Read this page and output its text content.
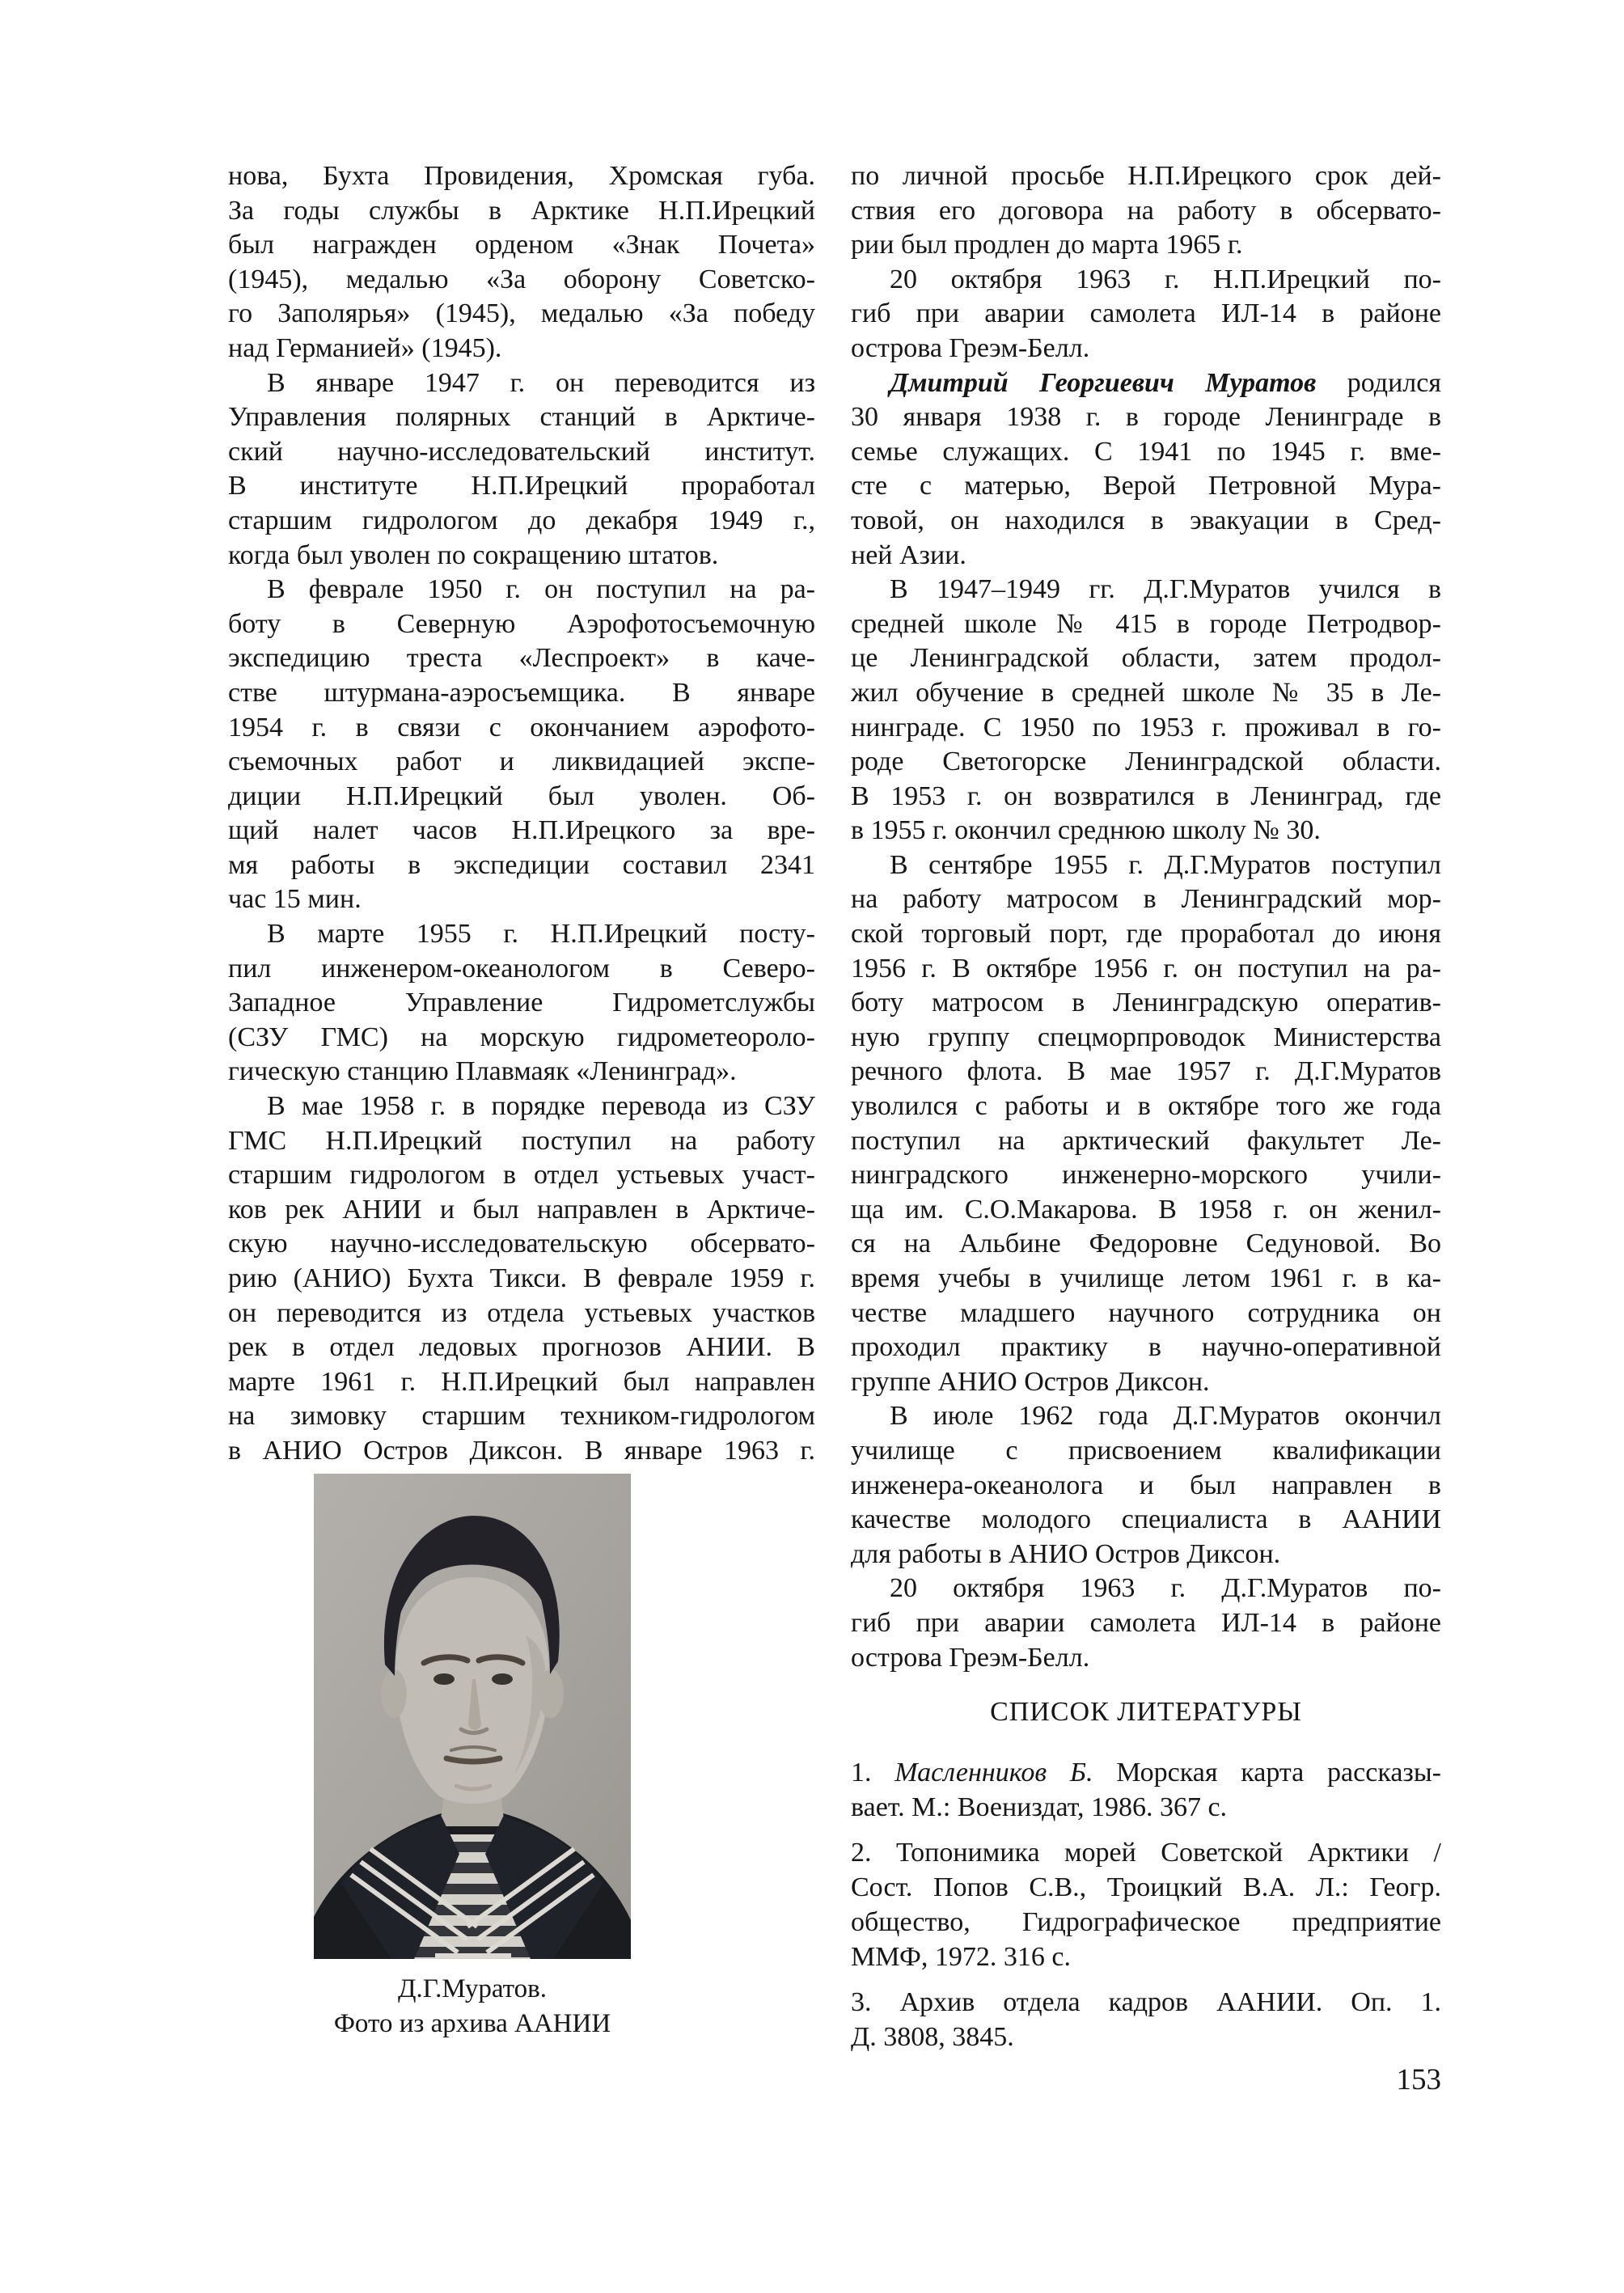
нова, Бухта Провидения, Хромская губа.
За годы службы в Арктике Н.П.Ирецкий
был награжден орденом «Знак Почета»
(1945), медалью «За оборону Советско-
го Заполярья» (1945), медалью «За победу
над Германией» (1945).
В январе 1947 г. он переводится из
Управления полярных станций в Арктиче-
ский научно-исследовательский институт.
В институте Н.П.Ирецкий проработал
старшим гидрологом до декабря 1949 г.,
когда был уволен по сокращению штатов.
В феврале 1950 г. он поступил на ра-
боту в Северную Аэрофотосъемочную
экспедицию треста «Леспроект» в каче-
стве штурмана-аэросъемщика. В январе
1954 г. в связи с окончанием аэрофото-
съемочных работ и ликвидацией экспе-
диции Н.П.Ирецкий был уволен. Об-
щий налет часов Н.П.Ирецкого за вре-
мя работы в экспедиции составил 2341
час 15 мин.
В марте 1955 г. Н.П.Ирецкий посту-
пил инженером-океанологом в Северо-
Западное Управление Гидрометслужбы
(СЗУ ГМС) на морскую гидрометеороло-
гическую станцию Плавмаяк «Ленинград».
В мае 1958 г. в порядке перевода из СЗУ
ГМС Н.П.Ирецкий поступил на работу
старшим гидрологом в отдел устьевых участ-
ков рек АНИИ и был направлен в Арктиче-
скую научно-исследовательскую обсервато-
рию (АНИО) Бухта Тикси. В феврале 1959 г.
он переводится из отдела устьевых участков
рек в отдел ледовых прогнозов АНИИ. В
марте 1961 г. Н.П.Ирецкий был направлен
на зимовку старшим техником-гидрологом
в АНИО Остров Диксон. В январе 1963 г.
по личной просьбе Н.П.Ирецкого срок дей-
ствия его договора на работу в обсервато-
рии был продлен до марта 1965 г.
20 октября 1963 г. Н.П.Ирецкий по-
гиб при аварии самолета ИЛ-14 в районе
острова Греэм-Белл.
Дмитрий Георгиевич Муратов родился
30 января 1938 г. в городе Ленинграде в
семье служащих. С 1941 по 1945 г. вме-
сте с матерью, Верой Петровной Мура-
товой, он находился в эвакуации в Сред-
ней Азии.
В 1947–1949 гг. Д.Г.Муратов учился в
средней школе № 415 в городе Петродвор-
це Ленинградской области, затем продол-
жил обучение в средней школе № 35 в Ле-
нинграде. С 1950 по 1953 г. проживал в го-
роде Светогорске Ленинградской области.
В 1953 г. он возвратился в Ленинград, где
в 1955 г. окончил среднюю школу № 30.
В сентябре 1955 г. Д.Г.Муратов поступил
на работу матросом в Ленинградский мор-
ской торговый порт, где проработал до июня
1956 г. В октябре 1956 г. он поступил на ра-
боту матросом в Ленинградскую оператив-
ную группу спецморпроводок Министерства
речного флота. В мае 1957 г. Д.Г.Муратов
уволился с работы и в октябре того же года
поступил на арктический факультет Ле-
нинградского инженерно-морского учили-
ща им. С.О.Макарова. В 1958 г. он женил-
ся на Альбине Федоровне Седуновой. Во
время учебы в училище летом 1961 г. в ка-
честве младшего научного сотрудника он
проходил практику в научно-оперативной
группе АНИО Остров Диксон.
В июле 1962 года Д.Г.Муратов окончил
училище с присвоением квалификации
инженера-океанолога и был направлен в
качестве молодого специалиста в ААНИИ
для работы в АНИО Остров Диксон.
20 октября 1963 г. Д.Г.Муратов по-
гиб при аварии самолета ИЛ-14 в районе
острова Греэм-Белл.
Д.Г.Муратов.
Фото из архива ААНИИ
СПИСОК ЛИТЕРАТУРЫ
1. Масленников Б. Морская карта рассказы-
вает. М.: Воениздат, 1986. 367 с.
2. Топонимика морей Советской Арктики /
Сост. Попов С.В., Троицкий В.А. Л.: Геогр.
общество, Гидрографическое предприятие
ММФ, 1972. 316 с.
3. Архив отдела кадров ААНИИ. Оп. 1.
Д. 3808, 3845.
153
